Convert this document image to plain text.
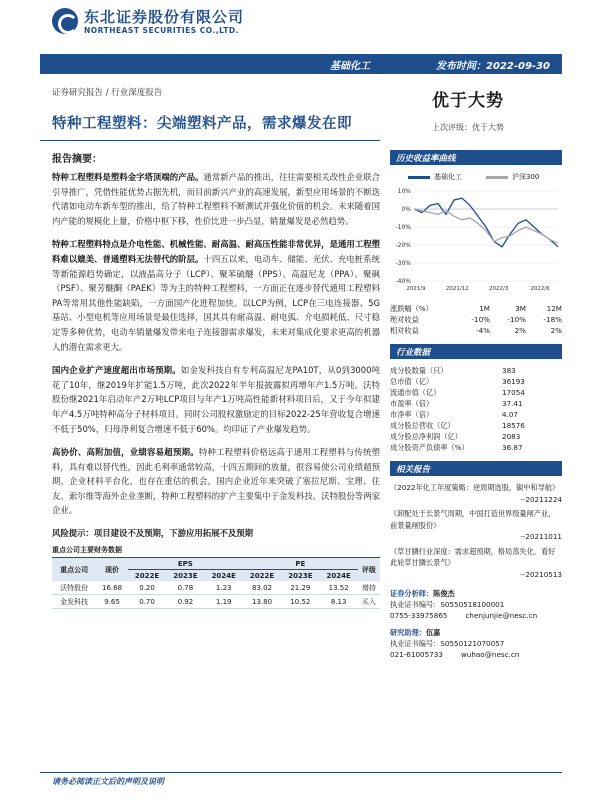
东北证券股份有限公司
NORTHEAST SECURITIES CO.,LTD.
基础化工	发布时间：2022-09-30
证券研究报告 / 行业深度报告	优于大势
特种工程塑料：尖端塑料产品，需求爆发在即	上次评级：优于大势
报告摘要：

特种工程塑料是塑料金字塔顶端的产品。通常新产品的推出，往往需要相关改性企业联合引导推广，凭借性能优势占据先机，而目前新兴产业的高速发展，新型应用场景的不断迭代诸如电动车新车型的推出，给了特种工程塑料不断测试并强化价值的机会。未来随着国内产能的规模化上量，价格中枢下移，性价比进一步凸显，销量爆发是必然趋势。

特种工程塑料特点是介电性能、机械性能、耐高温、耐高压性能非常优异，是通用工程塑料难以媲美、普通塑料无法替代的阶层。十四五以来，电动车、储能、光伏、充电桩系统等新能源趋势确定，以液晶高分子（LCP）、聚苯硫醚（PPS）、高温尼龙（PPA）、聚砜（PSF）、聚芳醚酮（PAEK）等为主的特种工程塑料，一方面正在逐步替代通用工程塑料PA等常用其他性能缺陷，一方面国产化进程加快。以LCP为例，LCP在三电连接器、5G基站、小型电机等应用场景是最佳选择，国其具有耐高温、耐电弧、介电损耗低、尺寸稳定等多种优势，电动车销量爆发带来电子连接器需求爆发，未来对集成化要求更高的机器人的潜在需求更大。

国内企业扩产速度超出市场预期。如金发科技自有专利高温尼龙PA10T，从0到3000吨花了10年，继2019年扩能1.5万吨，此次2022年半年报披露拟再增年产1.5万吨。沃特股份继2021年启动年产2万吨LCP项目与年产1万吨高性能新材料项目后，又于今年拟建年产4.5万吨特种高分子材料项目。同时公司股权激励定的目标2022-25年营收复合增速不低于50%，归母净利复合增速不低于60%。均印证了产业爆发趋势。

高协价、高附加值，业绩容易超预期。特种工程塑料价格远高于通用工程塑料与传统塑料，具有难以替代性，因此毛利率通常较高，十四五期间的放量，很容易使公司业绩超预期，企业材料平台化，也存在重估的机会。国内企业近年来突破了塞拉尼斯、宝理、住友、索尔维等海外企业垄断，特种工程塑料的扩产主要集中于金发科技、沃特股份等两家企业。

风险提示：项目建设不及预期，下游应用拓展不及预期
重点公司主要财务数据
重点公司	现价	EPS			PE			评级
		2022E	2023E	2024E	2022E	2023E	2024E	
沃特股份	16.68	0.20	0.78	1.23	83.02	21.29	13.52	增持
金发科技	9.65	0.70	0.92	1.19	13.80	10.52	8.13	买入
历史收益率曲线
基础化工	沪深300
10%
0%
-10%
-20%
-30%
-40%
2021/9	2021/12	2022/3	2022/6
涨跌幅（%）	1M	3M	12M
绝对收益	-10%	-10%	-18%
相对收益	-4%	2%	2%
行业数据
成分股数量（只）	383
总市值（亿）	36193
流通市值（亿）	17054
市盈率（倍）	37.41
市净率（倍）	4.07
成分股总营收（亿）	18576
成分股总净利润（亿）	2083
成分股资产负债率（%）	36.87
相关报告
《2022年化工年度策略：逆周期选股，碳中和导航》
--20211224
《卸配处于长景气周期，中国打造世界级量闸产业，前景量闸股份》
--20211011
《草甘膦行业深度：需求超预期，格局蒸失化，看好此轮草甘膦长景气》
--20210513
证券分析师：陈俊杰
执业证书编号：S0550518100001
0755-33975865	chenjunjie@nesc.cn
研究助理：伍嘉
执业证书编号：S0550121070057
021-61005733	wuhao@nesc.cn
请务必阅读正文后的声明及说明
